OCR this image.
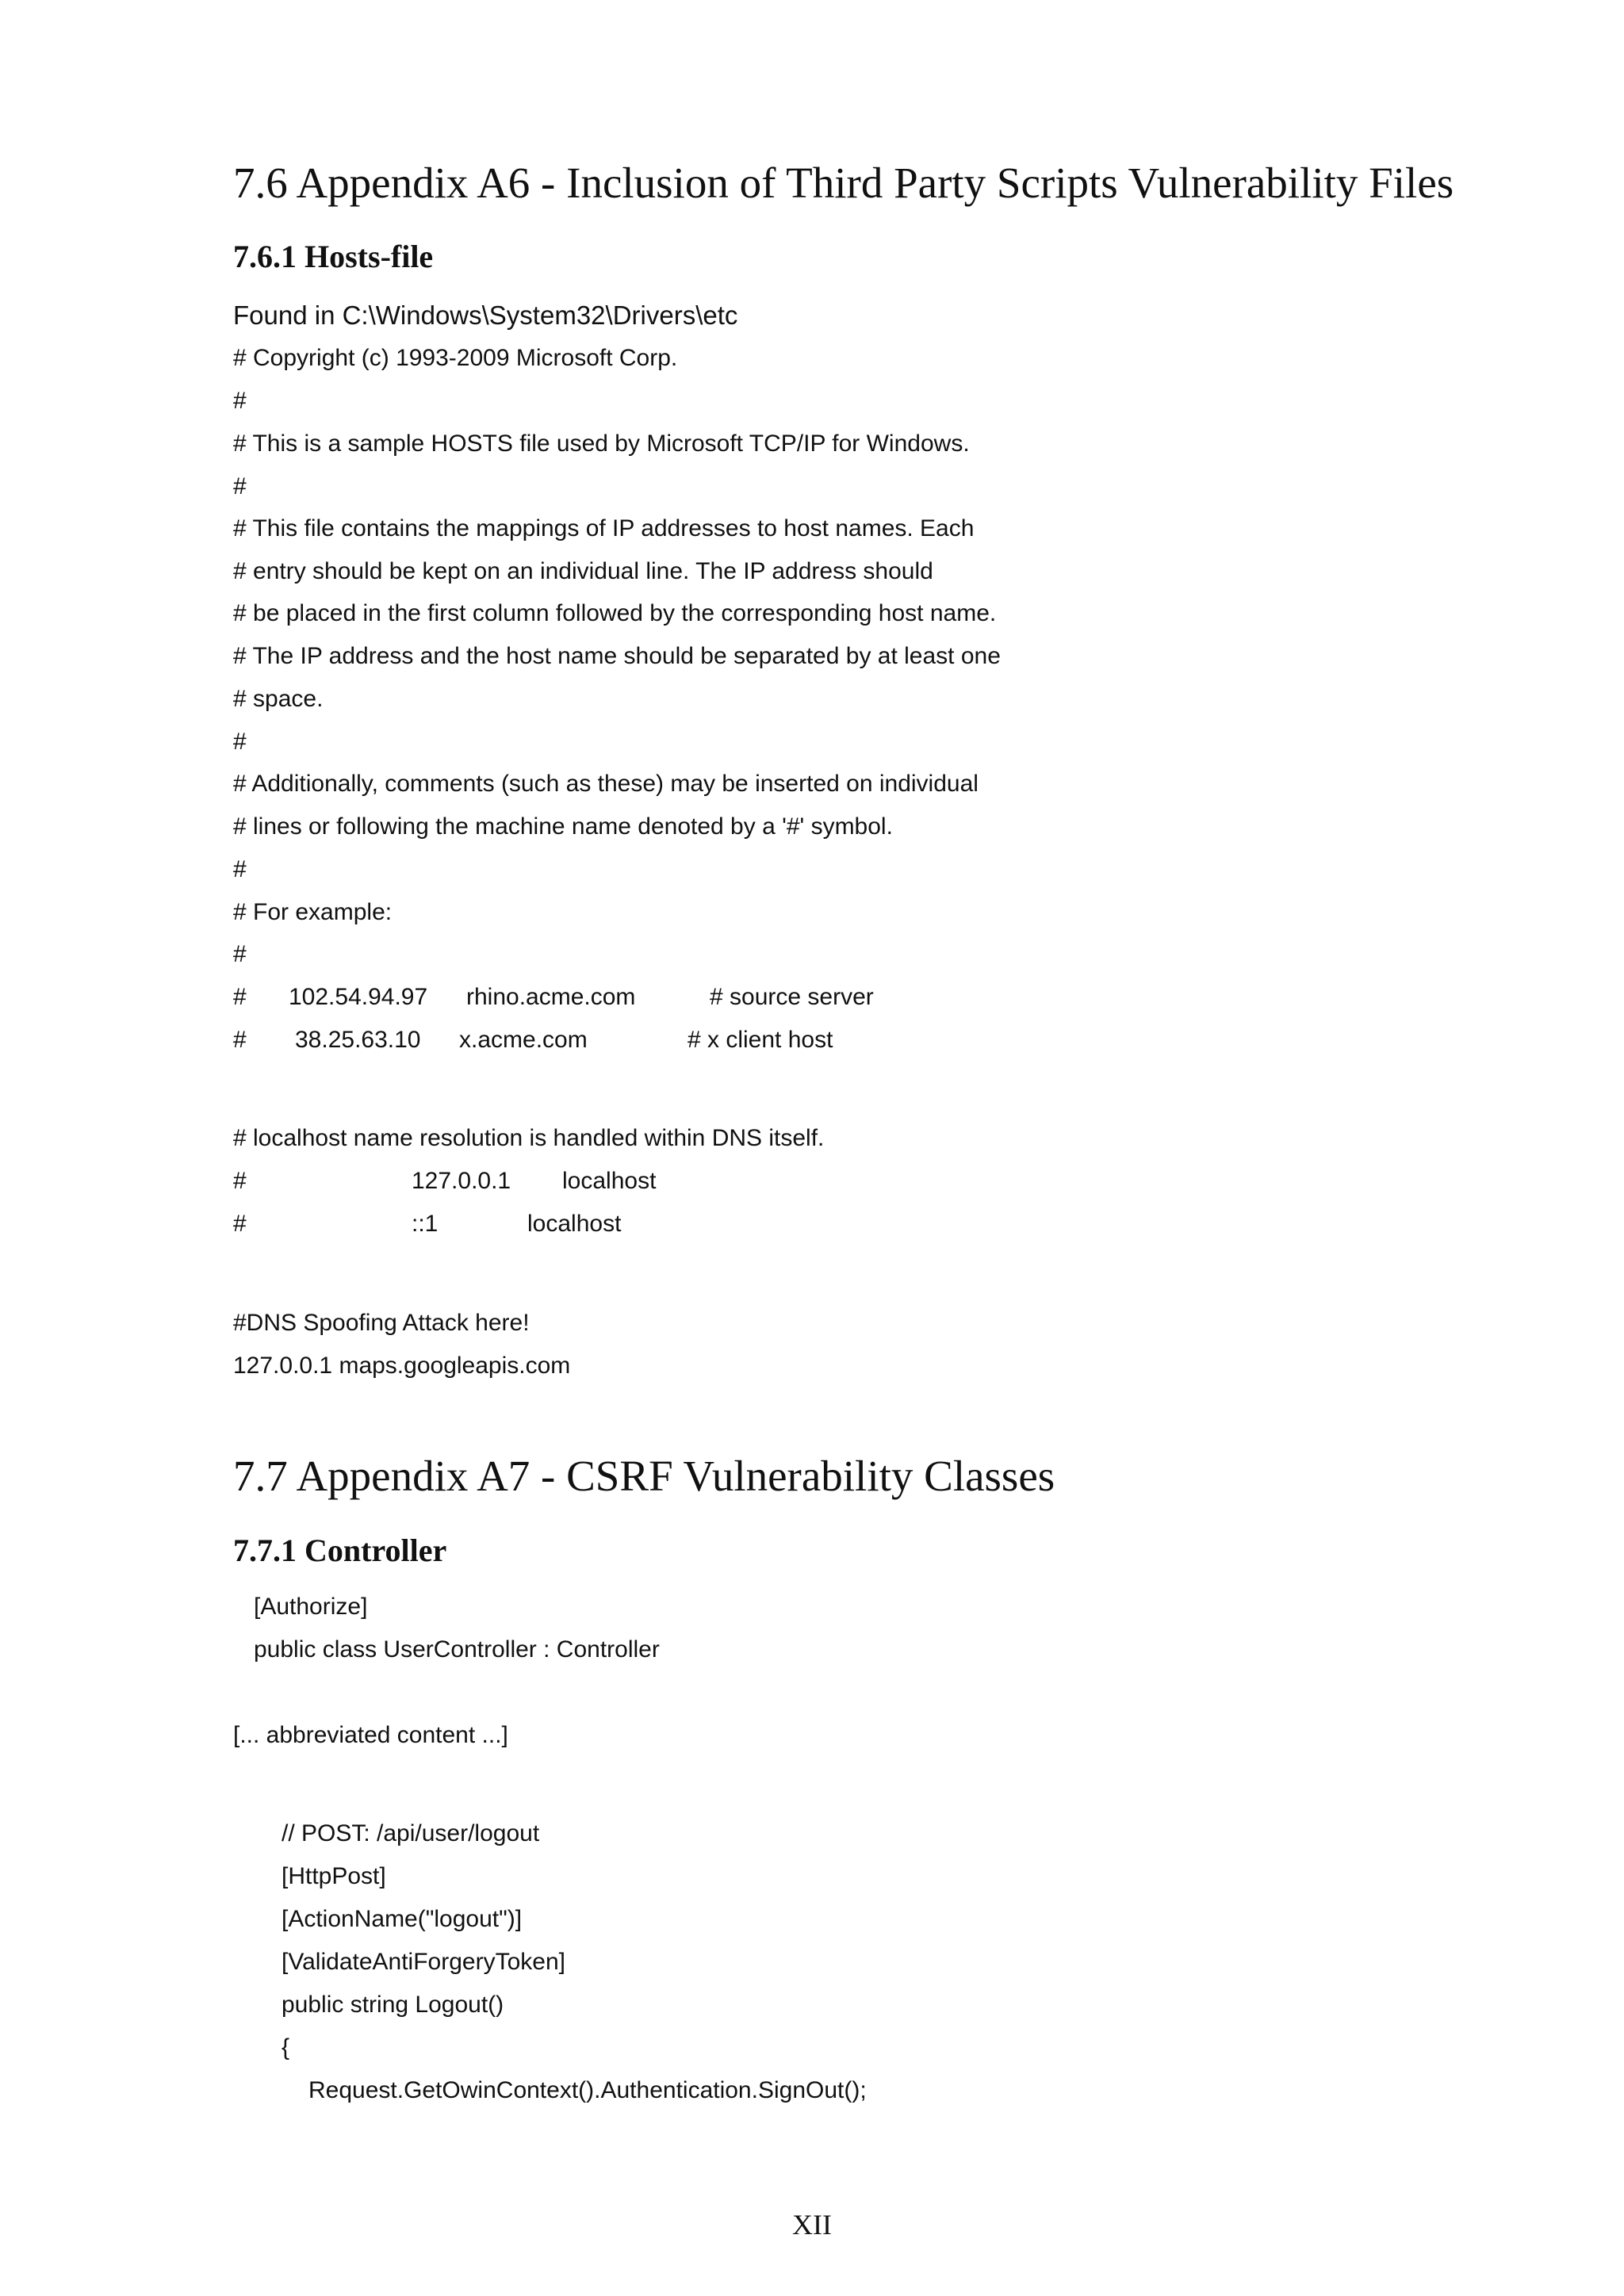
7.6 Appendix A6 - Inclusion of Third Party Scripts Vulnerability Files
7.6.1 Hosts-file
Found in C:\Windows\System32\Drivers\etc
# Copyright (c) 1993-2009 Microsoft Corp.
#
# This is a sample HOSTS file used by Microsoft TCP/IP for Windows.
#
# This file contains the mappings of IP addresses to host names. Each
# entry should be kept on an individual line. The IP address should
# be placed in the first column followed by the corresponding host name.
# The IP address and the host name should be separated by at least one
# space.
#
# Additionally, comments (such as these) may be inserted on individual
# lines or following the machine name denoted by a '#' symbol.
#
# For example:
#
# 102.54.94.97 rhino.acme.com	# source server
# 38.25.63.10 x.acme.com	# x client host
# localhost name resolution is handled within DNS itself.
#	127.0.0.1 localhost
#	::1	localhost
#DNS Spoofing Attack here!
127.0.0.1 maps.googleapis.com
7.7 Appendix A7 - CSRF Vulnerability Classes
7.7.1 Controller
[Authorize]
public class UserController : Controller
[... abbreviated content ...]
// POST: /api/user/logout
[HttpPost]
[ActionName("logout")]
[ValidateAntiForgeryToken]
public string Logout()
{
Request.GetOwinContext().Authentication.SignOut();
XII
